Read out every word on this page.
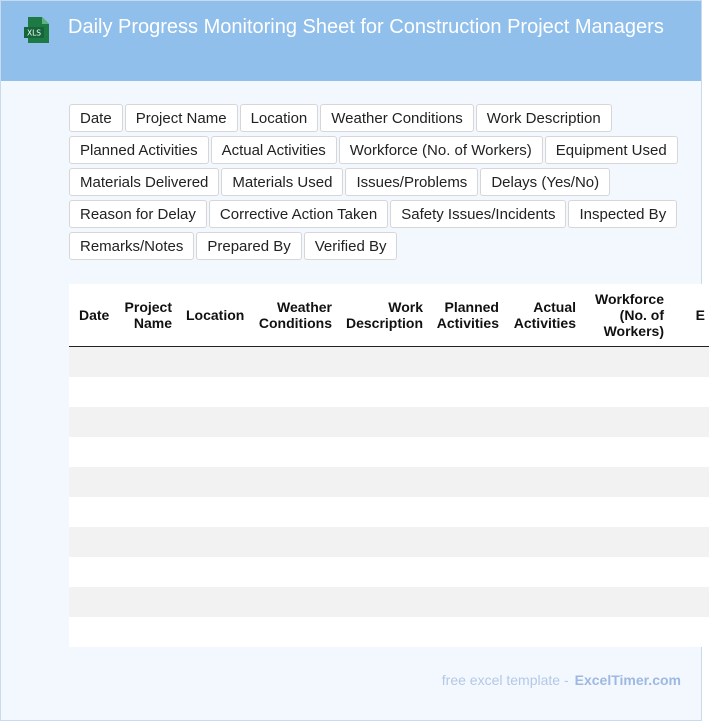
XLS	Daily Progress Monitoring Sheet for Construction Project Managers
Date	Project Name	Location	Weather Conditions	Work Description
Planned Activities	Actual Activities	Workforce (No. of Workers)	Equipment Used
Materials Delivered	Materials Used	Issues/Problems	Delays (Yes/No)
Reason for Delay	Corrective Action Taken	Safety Issues/Incidents	Inspected By
Remarks/Notes	Prepared By	Verified By
Date	Project Name	Location	Weather Conditions	Work Description	Planned Activities	Actual Activities	Workforce (No. of Workers)	E

free excel template - ExcelTimer.com
